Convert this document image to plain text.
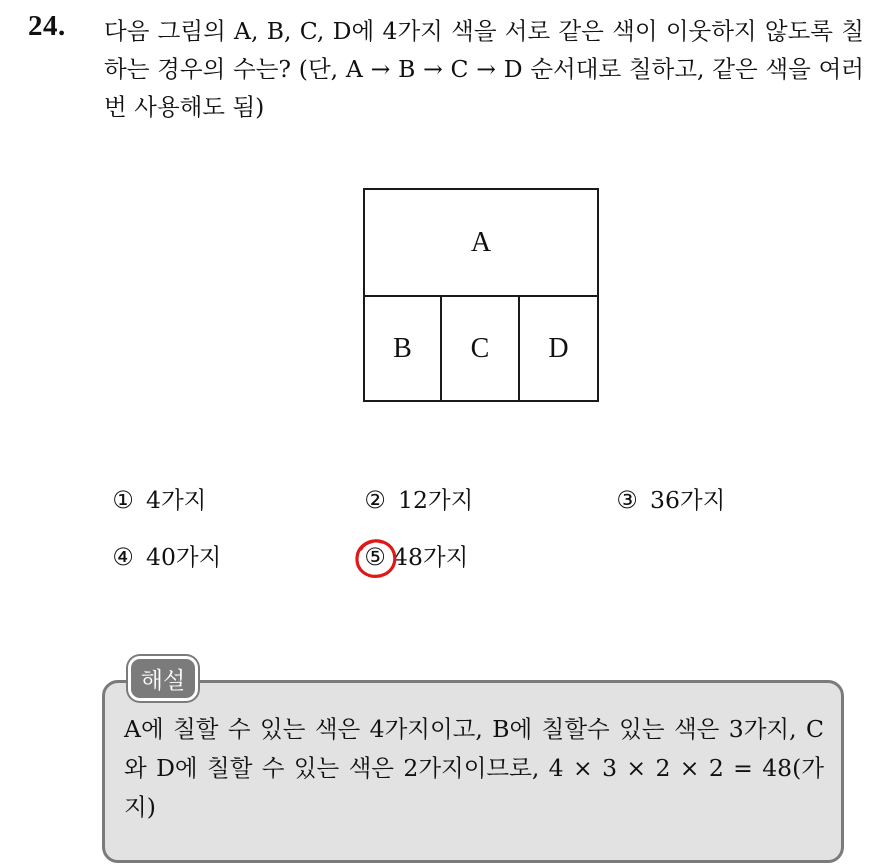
24. 다음 그림의 A, B, C, D에 4가지 색을 서로 같은 색이 이웃하지 않도록 칠하는 경우의 수는? (단, A → B → C → D 순서대로 칠하고, 같은 색을 여러 번 사용해도 됨)

A
B C D
① 4가지	② 12가지	③ 36가지
④ 40가지	⑤ 48가지
해설

A에 칠할 수 있는 색은 4가지이고, B에 칠할수 있는 색은 3가지, C와 D에 칠할 수 있는 색은 2가지이므로, 4 × 3 × 2 × 2 = 48(가지)
